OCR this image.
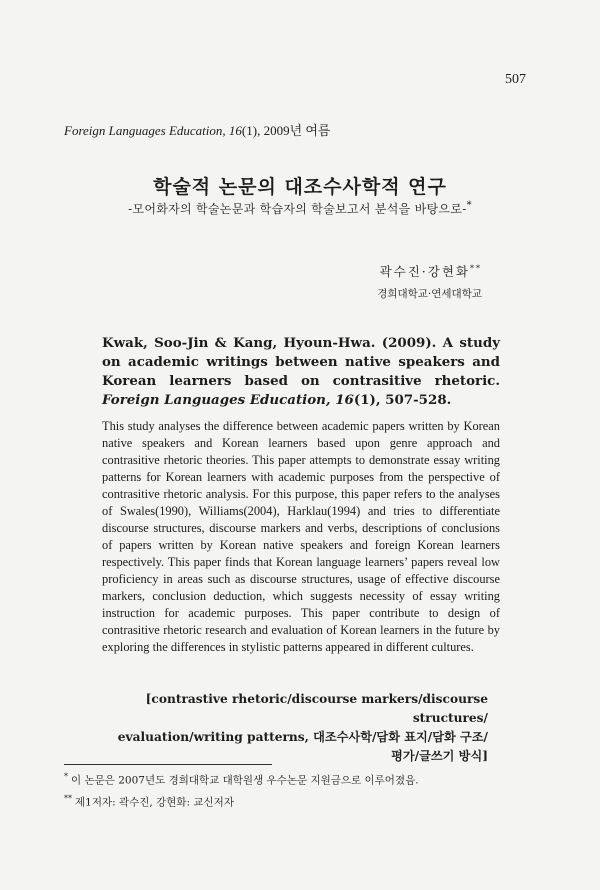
507
Foreign Languages Education, 16(1), 2009년 여름
학술적 논문의 대조수사학적 연구
-모어화자의 학술논문과 학습자의 학술보고서 분석을 바탕으로-*
곽수진·강현화**
경희대학교·연세대학교
Kwak, Soo-Jin & Kang, Hyoun-Hwa. (2009). A study on academic writings between native speakers and Korean learners based on contrasitive rhetoric. Foreign Languages Education, 16(1), 507-528.
This study analyses the difference between academic papers written by Korean native speakers and Korean learners based upon genre approach and contrasitive rhetoric theories. This paper attempts to demonstrate essay writing patterns for Korean learners with academic purposes from the perspective of contrasitive rhetoric analysis. For this purpose, this paper refers to the analyses of Swales(1990), Williams(2004), Harklau(1994) and tries to differentiate discourse structures, discourse markers and verbs, descriptions of conclusions of papers written by Korean native speakers and foreign Korean learners respectively. This paper finds that Korean language learners’ papers reveal low proficiency in areas such as discourse structures, usage of effective discourse markers, conclusion deduction, which suggests necessity of essay writing instruction for academic purposes. This paper contribute to design of contrasitive rhetoric research and evaluation of Korean learners in the future by exploring the differences in stylistic patterns appeared in different cultures.
[contrastive rhetoric/discourse markers/discourse structures/
evaluation/writing patterns, 대조수사학/담화 표지/담화 구조/
평가/글쓰기 방식]
* 이 논문은 2007년도 경희대학교 대학원생 우수논문 지원금으로 이루어졌음.
** 제1저자: 곽수진, 강현화: 교신저자
